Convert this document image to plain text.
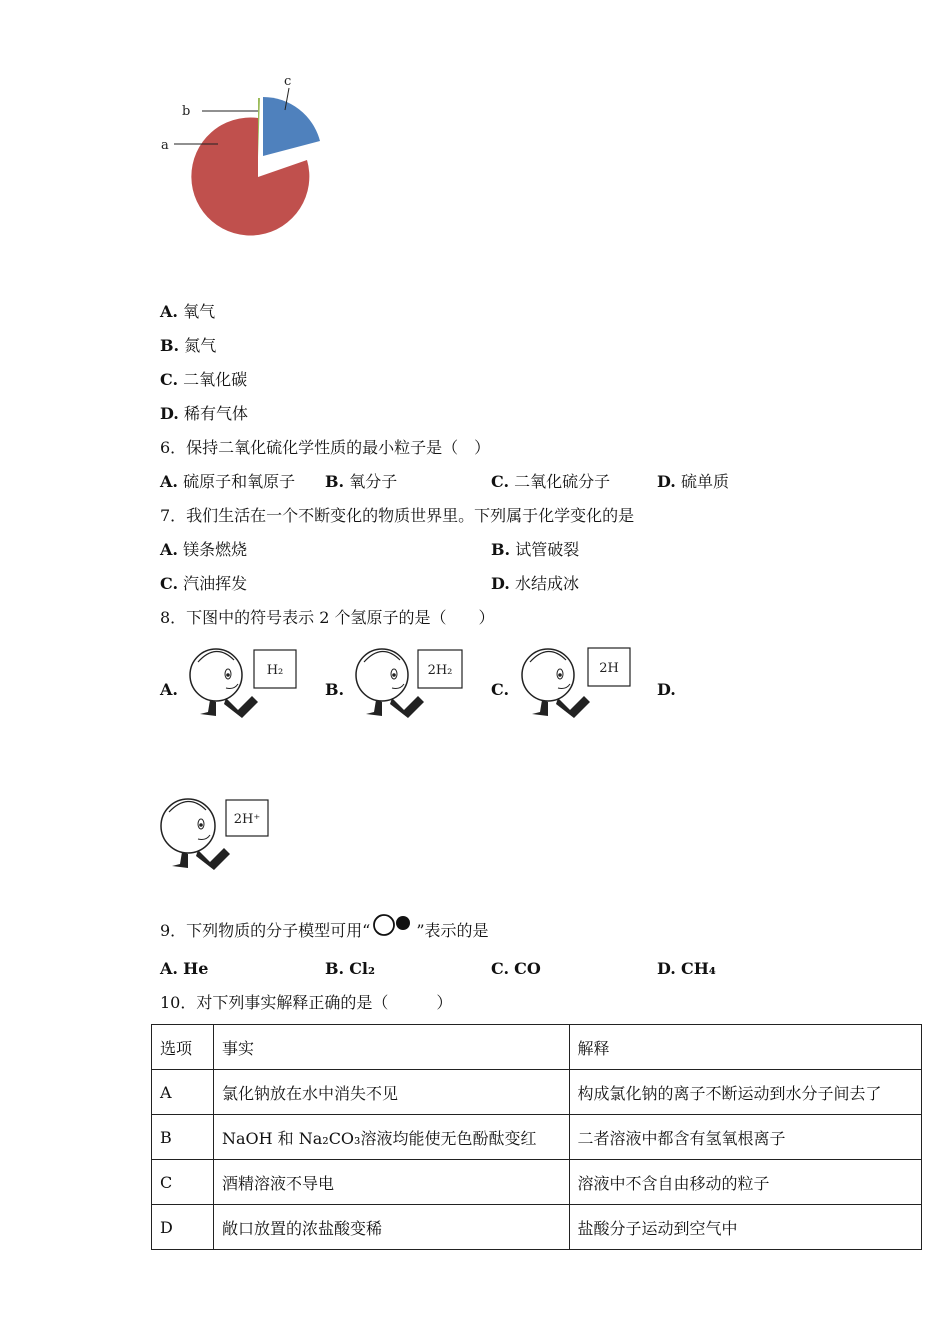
a
b
c
A. 氧气
B. 氮气
C. 二氧化碳
D. 稀有气体
6．保持二氧化硫化学性质的最小粒子是（　）
A. 硫原子和氧原子 B. 氧分子	C. 二氧化硫分子	D. 硫单质
7．我们生活在一个不断变化的物质世界里。下列属于化学变化的是
A. 镁条燃烧	B. 试管破裂
C. 汽油挥发	D. 水结成冰
8．下图中的符号表示 2 个氢原子的是（　　）
A.
H₂
B.
2H₂
C.
2H
D.
2H⁺
9．下列物质的分子模型可用“	”表示的是
A. He	B. Cl₂	C. CO	D. CH₄
10．对下列事实解释正确的是（　　　）
选项	事实	解释
A	氯化钠放在水中消失不见	构成氯化钠的离子不断运动到水分子间去了
B	NaOH 和 Na₂CO₃溶液均能使无色酚酞变红	二者溶液中都含有氢氧根离子
C	酒精溶液不导电	溶液中不含自由移动的粒子
D	敞口放置的浓盐酸变稀	盐酸分子运动到空气中
